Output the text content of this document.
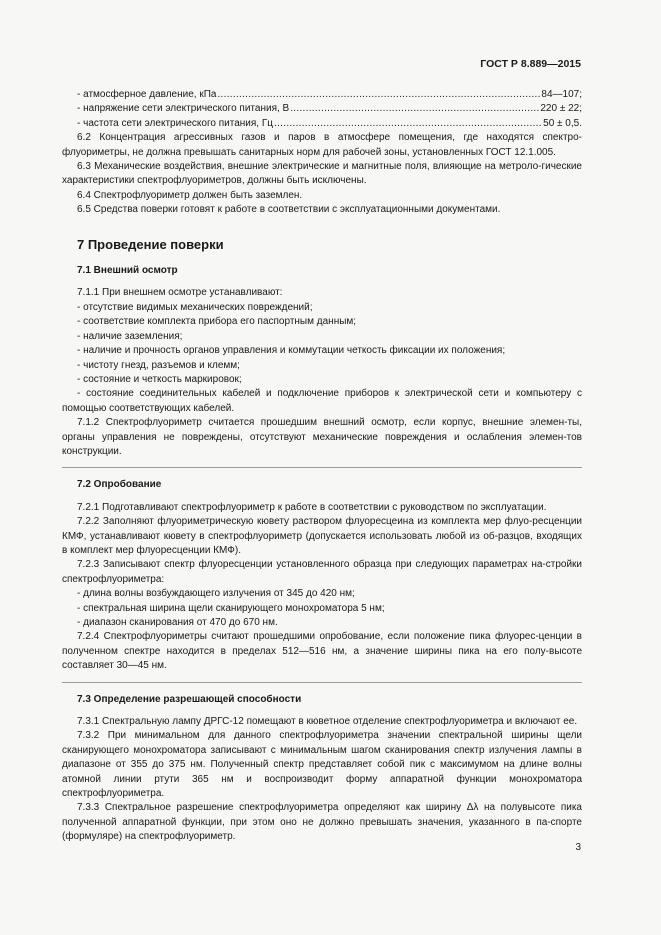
ГОСТ Р 8.889—2015
- атмосферное давление, кПа .....	84—107;
- напряжение сети электрического питания, В .....	220 ± 22;
- частота сети электрического питания, Гц .....	50 ± 0,5.

6.2 Концентрация агрессивных газов и паров в атмосфере помещения, где находятся спектро-флуориметры, не должна превышать санитарных норм для рабочей зоны, установленных ГОСТ 12.1.005.

6.3 Механические воздействия, внешние электрические и магнитные поля, влияющие на метроло-гические характеристики спектрофлуориметров, должны быть исключены.

6.4 Спектрофлуориметр должен быть заземлен.

6.5 Средства поверки готовят к работе в соответствии с эксплуатационными документами.

7 Проведение поверки
7.1 Внешний осмотр

7.1.1 При внешнем осмотре устанавливают:

- отсутствие видимых механических повреждений;

- соответствие комплекта прибора его паспортным данным;

- наличие заземления;

- наличие и прочность органов управления и коммутации четкость фиксации их положения;

- чистоту гнезд, разъемов и клемм;

- состояние и четкость маркировок;

- состояние соединительных кабелей и подключение приборов к электрической сети и компьютеру с помощью соответствующих кабелей.

7.1.2 Спектрофлуориметр считается прошедшим внешний осмотр, если корпус, внешние элемен-ты, органы управления не повреждены, отсутствуют механические повреждения и ослабления элемен-тов конструкции.

7.2 Опробование

7.2.1 Подготавливают спектрофлуориметр к работе в соответствии с руководством по эксплуатации.

7.2.2 Заполняют флуориметрическую кювету раствором флуоресцеина из комплекта мер флуо-ресценции КМФ, устанавливают кювету в спектрофлуориметр (допускается использовать любой из об-разцов, входящих в комплект мер флуоресценции КМФ).

7.2.3 Записывают спектр флуоресценции установленного образца при следующих параметрах на-стройки спектрофлуориметра:

- длина волны возбуждающего излучения от 345 до 420 нм;

- спектральная ширина щели сканирующего монохроматора 5 нм;

- диапазон сканирования от 470 до 670 нм.

7.2.4 Спектрофлуориметры считают прошедшими опробование, если положение пика флуорес-ценции в полученном спектре находится в пределах 512—516 нм, а значение ширины пика на его полу-высоте составляет 30—45 нм.

7.3 Определение разрешающей способности

7.3.1 Спектральную лампу ДРГС-12 помещают в кюветное отделение спектрофлуориметра и включают ее.

7.3.2 При минимальном для данного спектрофлуориметра значении спектральной ширины щели сканирующего монохроматора записывают с минимальным шагом сканирования спектр излучения лампы в диапазоне от 355 до 375 нм. Полученный спектр представляет собой пик с максимумом на длине волны атомной линии ртути 365 нм и воспроизводит форму аппаратной функции монохроматора спектрофлуориметра.

7.3.3 Спектральное разрешение спектрофлуориметра определяют как ширину Δλ на полувысоте пика полученной аппаратной функции, при этом оно не должно превышать значения, указанного в па-спорте (формуляре) на спектрофлуориметр.

3
